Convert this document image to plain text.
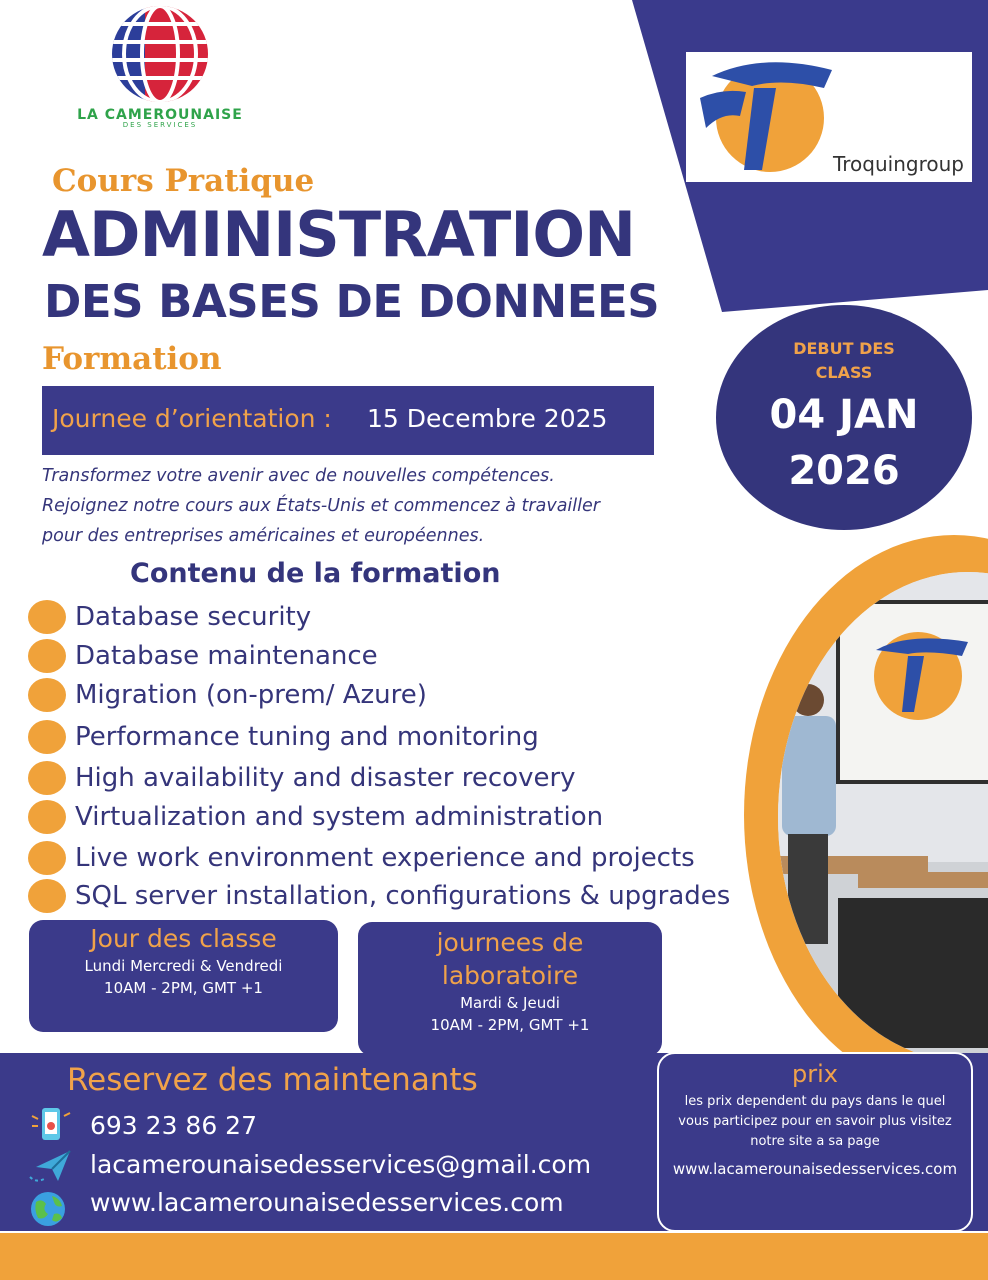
LA CAMEROUNAISE
DES SERVICES
Troquingroup
Cours Pratique
ADMINISTRATION
DES BASES DE DONNEES
Formation
Journee d’orientation : 15 Decembre 2025
Transformez votre avenir avec de nouvelles compétences.
Rejoignez notre cours aux États-Unis et commencez à travailler
pour des entreprises américaines et européennes.
DEBUT DES
CLASS
04 JAN
2026
Contenu de la formation
Database security
Database maintenance
Migration (on-prem/ Azure)
Performance tuning and monitoring
High availability and disaster recovery
Virtualization and system administration
Live work environment experience and projects
SQL server installation, configurations & upgrades
Jour des classe
Lundi Mercredi & Vendredi
10AM - 2PM, GMT +1
journees de
laboratoire
Mardi & Jeudi
10AM - 2PM, GMT +1
Reservez des maintenants
693 23 86 27
lacamerounaisedesservices@gmail.com
www.lacamerounaisedesservices.com
prix
les prix dependent du pays dans le quel
vous participez pour en savoir plus visitez
notre site a sa page
www.lacamerounaisedesservices.com
